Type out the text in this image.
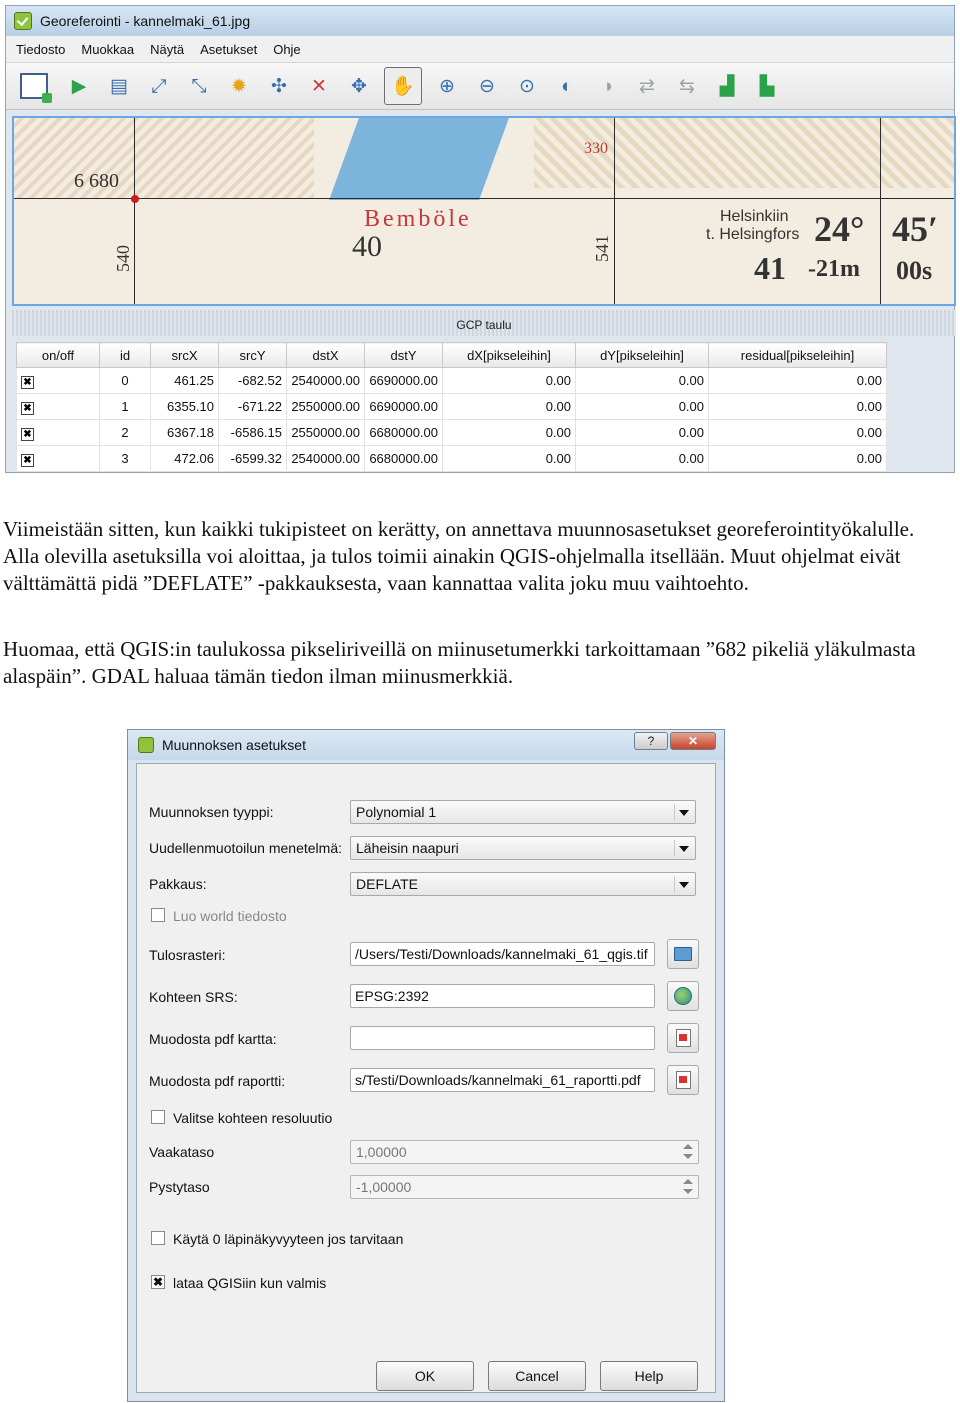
Georeferointi - kannelmaki_61.jpg
Tiedosto Muokkaa Näytä Asetukset Ohje
▶	▤	⤢	⤡	✹	✣	✕	✥	✋	⊕	⊖	⊙	◐	◑	⇄	⇆	▟	▙
6 680
540
Bemböle
40	541
330
Helsinkiin
t. Helsingfors 24° 45′
41 -21m 00s
GCP taulu
on/off	id	srcX	srcY	dstX	dstY	dX[pikseleihin]	dY[pikseleihin]	residual[pikseleihin]
✖	0	461.25	-682.52	2540000.00	6690000.00	0.00	0.00	0.00
✖	1	6355.10	-671.22	2550000.00	6690000.00	0.00	0.00	0.00
✖	2	6367.18	-6586.15	2550000.00	6680000.00	0.00	0.00	0.00
✖	3	472.06	-6599.32	2540000.00	6680000.00	0.00	0.00	0.00

Viimeistään sitten, kun kaikki tukipisteet on kerätty, on annettava muunnosasetukset georeferointityökalulle. Alla olevilla asetuksilla voi aloittaa, ja tulos toimii ainakin QGIS-ohjelmalla itsellään. Muut ohjelmat eivät välttämättä pidä ”DEFLATE” -pakkauksesta, vaan kannattaa valita joku muu vaihtoehto.

Huomaa, että QGIS:in taulukossa pikseliriveillä on miinusetumerkki tarkoittamaan ”682 pikeliä yläkulmasta alaspäin”. GDAL haluaa tämän tiedon ilman miinusmerkkiä.

Muunnoksen asetukset	?	✕
Muunnoksen tyyppi:	Polynomial 1
Uudellenmuotoilun menetelmä:	Läheisin naapuri
Pakkaus:	DEFLATE
Luo world tiedosto
Tulosrasteri:	/Users/Testi/Downloads/kannelmaki_61_qgis.tif
Kohteen SRS:	EPSG:2392
Muodosta pdf kartta:
Muodosta pdf raportti:	s/Testi/Downloads/kannelmaki_61_raportti.pdf
Valitse kohteen resoluutio
Vaakataso	1,00000
Pystytaso	-1,00000
Käytä 0 läpinäkyvyyteen jos tarvitaan
✖ lataa QGISiin kun valmis
OK	Cancel	Help
